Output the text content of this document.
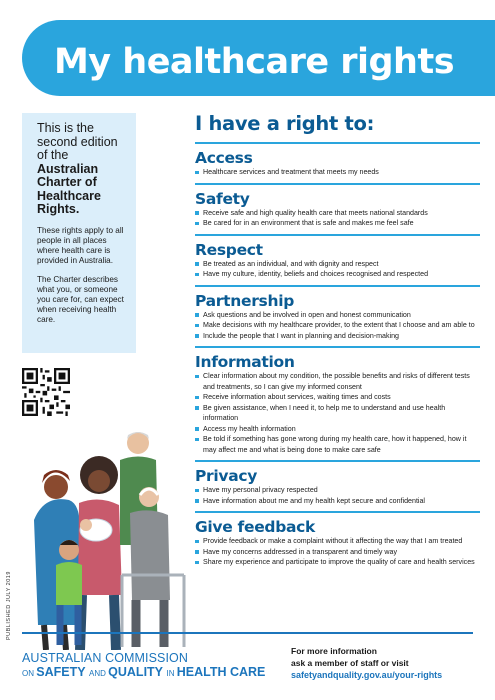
My healthcare rights
This is the second edition of the Australian Charter of Healthcare Rights.

These rights apply to all people in all places where health care is provided in Australia.

The Charter describes what you, or someone you care for, can expect when receiving health care.

PUBLISHED JULY 2019
I have a right to:
Access
Healthcare services and treatment that meets my needs
Safety
Receive safe and high quality health care that meets national standards
Be cared for in an environment that is safe and makes me feel safe
Respect
Be treated as an individual, and with dignity and respect
Have my culture, identity, beliefs and choices recognised and respected
Partnership
Ask questions and be involved in open and honest communication
Make decisions with my healthcare provider, to the extent that I choose and am able to
Include the people that I want in planning and decision-making
Information
Clear information about my condition, the possible benefits and risks of different tests and treatments, so I can give my informed consent
Receive information about services, waiting times and costs
Be given assistance, when I need it, to help me to understand and use health information
Access my health information
Be told if something has gone wrong during my health care, how it happened, how it may affect me and what is being done to make care safe
Privacy
Have my personal privacy respected
Have information about me and my health kept secure and confidential
Give feedback
Provide feedback or make a complaint without it affecting the way that I am treated
Have my concerns addressed in a transparent and timely way
Share my experience and participate to improve the quality of care and health services
AUSTRALIAN COMMISSION
ON SAFETY AND QUALITY IN HEALTH CARE
For more information
ask a member of staff or visit
safetyandquality.gov.au/your-rights
